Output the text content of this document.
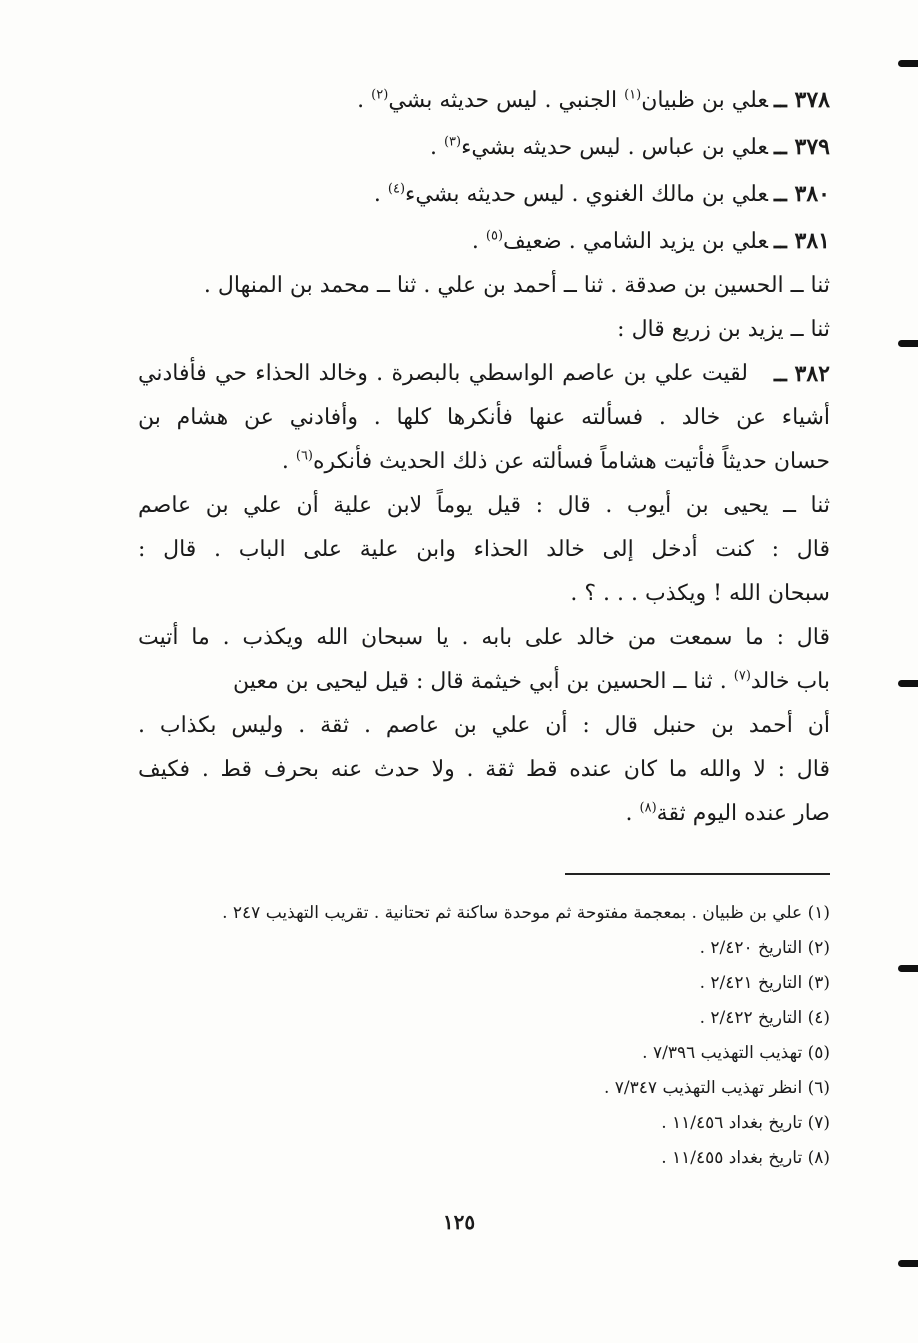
٣٧٨ ــعلي بن ظبيان$^{(١)}$ الجنبي . ليس حديثه بشي$^{(٢)}$ .
٣٧٩ ــعلي بن عباس . ليس حديثه بشيء$^{(٣)}$ .
٣٨٠ ــعلي بن مالك الغنوي . ليس حديثه بشيء$^{(٤)}$ .
٣٨١ ــعلي بن يزيد الشامي . ضعيف$^{(٥)}$ .
ثنا ــ الحسين بن صدقة . ثنا ــ أحمد بن علي . ثنا ــ محمد بن المنهال .
ثنا ــ يزيد بن زريع قال :
٣٨٢ ــ
لقيت علي بن عاصم الواسطي بالبصرة . وخالد الحذاء حي فأفادني
أشياء عن خالد . فسألته عنها فأنكرها كلها . وأفادني عن هشام بن
حسان حديثاً فأتيت هشاماً فسألته عن ذلك الحديث فأنكره$^{(٦)}$ .
ثنا ــ يحيى بن أيوب . قال : قيل يوماً لابن علية أن علي بن عاصم
قال : كنت أدخل إلى خالد الحذاء وابن علية على الباب . قال :
سبحان الله ! ويكذب . . . ؟ .
قال : ما سمعت من خالد على بابه . يا سبحان الله ويكذب . ما أتيت
باب خالد$^{(٧)}$ . ثنا ــ الحسين بن أبي خيثمة قال : قيل ليحيى بن معين
أن أحمد بن حنبل قال : أن علي بن عاصم . ثقة . وليس بكذاب .
قال : لا والله ما كان عنده قط ثقة . ولا حدث عنه بحرف قط . فكيف
صار عنده اليوم ثقة$^{(٨)}$ .
(١) علي بن ظبيان . بمعجمة مفتوحة ثم موحدة ساكنة ثم تحتانية . تقريب التهذيب ٢٤٧ .
(٢) التاريخ ٢/٤٢٠ .
(٣) التاريخ ٢/٤٢١ .
(٤) التاريخ ٢/٤٢٢ .
(٥) تهذيب التهذيب ٧/٣٩٦ .
(٦) انظر تهذيب التهذيب ٧/٣٤٧ .
(٧) تاريخ بغداد ١١/٤٥٦ .
(٨) تاريخ بغداد ١١/٤٥٥ .
١٢٥
